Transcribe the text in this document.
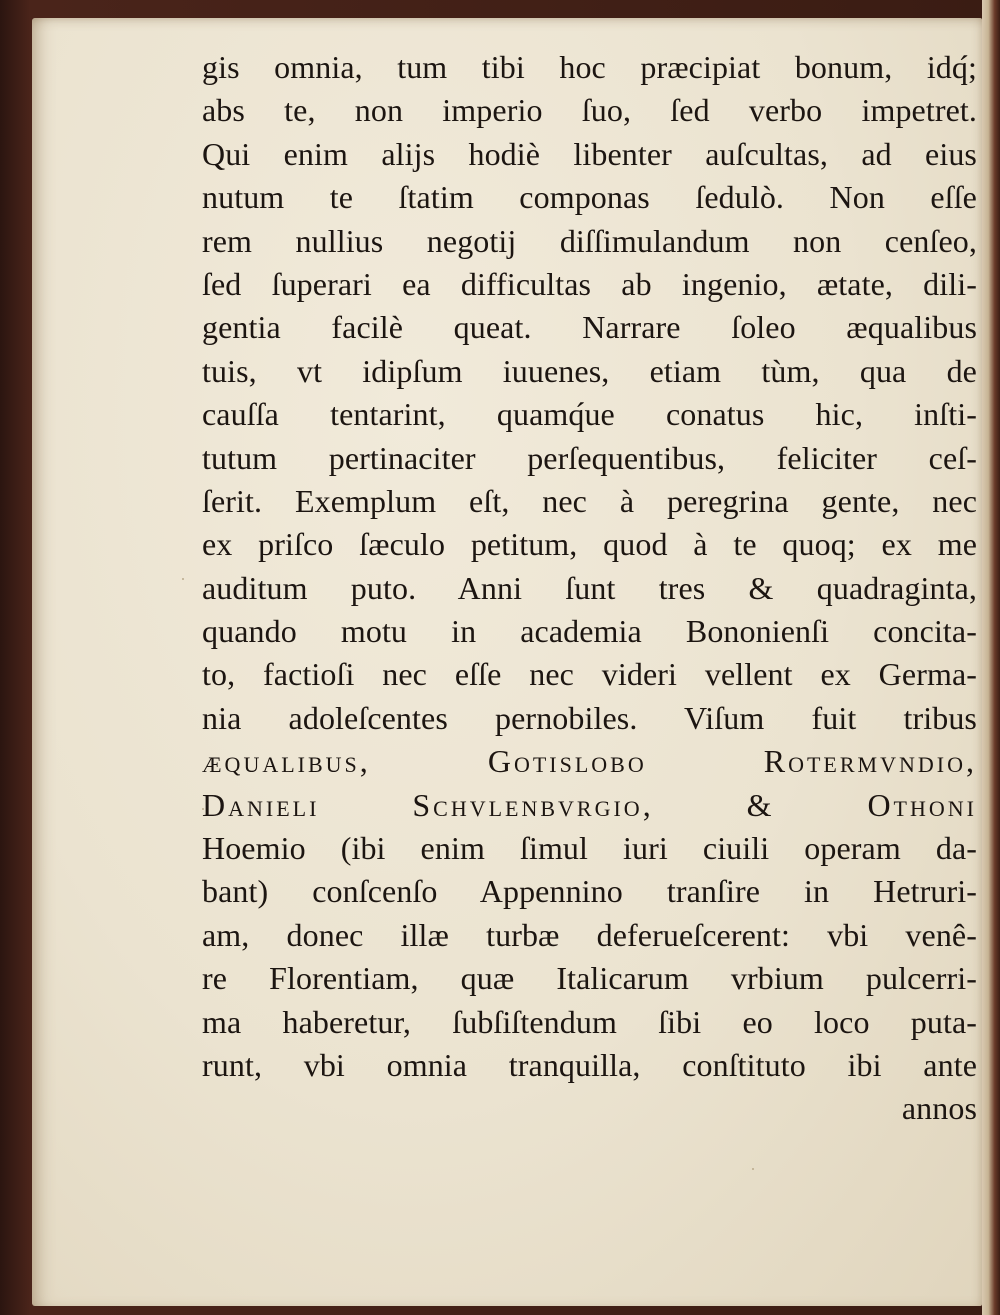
gis omnia, tum tibi hoc præcipiat bonum, idq́;
abs te, non imperio ſuo, ſed verbo impetret.
Qui enim alijs hodiè libenter auſcultas, ad eius
nutum te ſtatim componas ſedulò. Non eſſe
rem nullius negotij diſſimulandum non cenſeo,
ſed ſuperari ea difficultas ab ingenio, ætate, dili-
gentia facilè queat. Narrare ſoleo æqualibus
tuis, vt idipſum iuuenes, etiam tùm, qua de
cauſſa tentarint, quamq́ue conatus hic, inſti-
tutum pertinaciter perſequentibus, feliciter ceſ-
ſerit. Exemplum eſt, nec à peregrina gente, nec
ex priſco ſæculo petitum, quod à te quoq; ex me
auditum puto. Anni ſunt tres & quadraginta,
quando motu in academia Bononienſi concita-
to, factioſi nec eſſe nec videri vellent ex Germa-
nia adoleſcentes pernobiles. Viſum fuit tribus
æqualibus, Gotislobo Rotermvndio,
Danieli Schvlenbvrgio, & Othoni
Hoemio (ibi enim ſimul iuri ciuili operam da-
bant) conſcenſo Appennino tranſire in Hetruri-
am, donec illæ turbæ deferueſcerent: vbi venê-
re Florentiam, quæ Italicarum vrbium pulcerri-
ma haberetur, ſubſiſtendum ſibi eo loco puta-
runt, vbi omnia tranquilla, conſtituto ibi ante
annos
